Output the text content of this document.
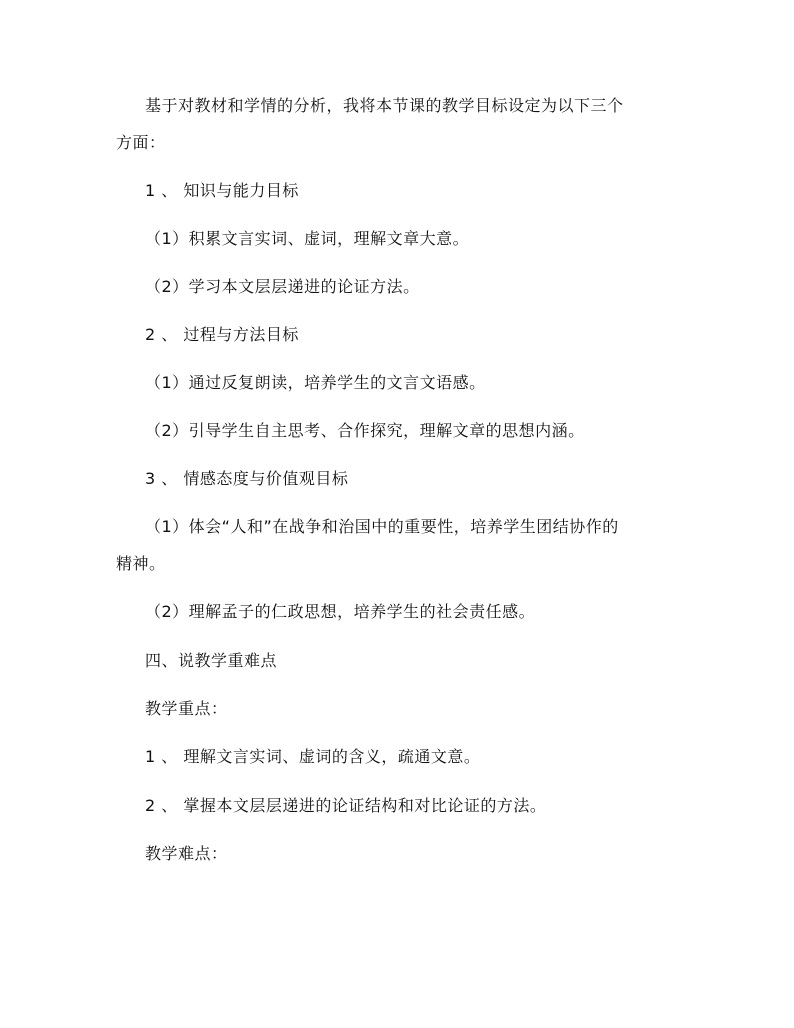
基于对教材和学情的分析，我将本节课的教学目标设定为以下三个
方面：
1 、 知识与能力目标
（1）积累文言实词、虚词，理解文章大意。
（2）学习本文层层递进的论证方法。
2 、 过程与方法目标
（1）通过反复朗读，培养学生的文言文语感。
（2）引导学生自主思考、合作探究，理解文章的思想内涵。
3 、 情感态度与价值观目标
（1）体会“人和”在战争和治国中的重要性，培养学生团结协作的
精神。
（2）理解孟子的仁政思想，培养学生的社会责任感。
四、说教学重难点
教学重点：
1 、 理解文言实词、虚词的含义，疏通文意。
2 、 掌握本文层层递进的论证结构和对比论证的方法。
教学难点：
